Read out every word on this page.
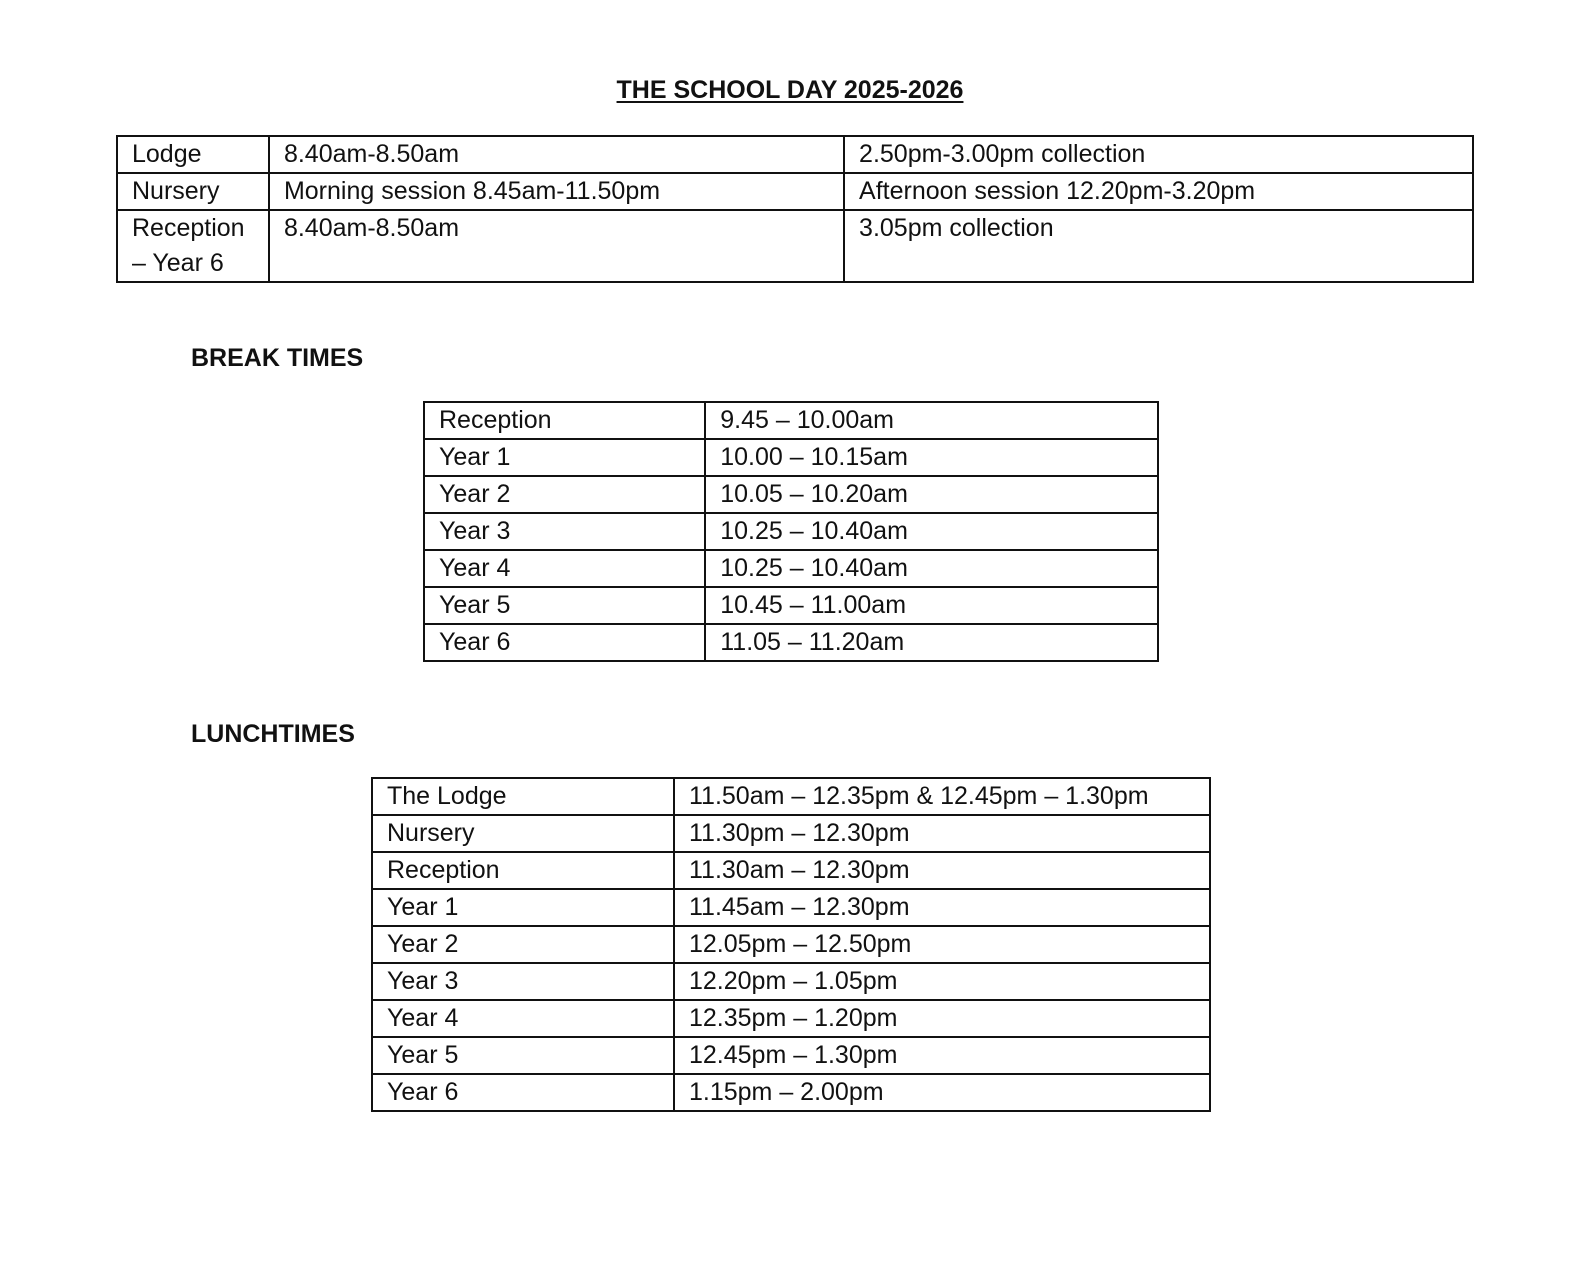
THE SCHOOL DAY 2025-2026
Lodge	8.40am-8.50am	2.50pm-3.00pm collection
Nursery	Morning session 8.45am-11.50pm	Afternoon session 12.20pm-3.20pm
Reception – Year 6	8.40am-8.50am	3.05pm collection
BREAK TIMES
Reception	9.45 – 10.00am
Year 1	10.00 – 10.15am
Year 2	10.05 – 10.20am
Year 3	10.25 – 10.40am
Year 4	10.25 – 10.40am
Year 5	10.45 – 11.00am
Year 6	11.05 – 11.20am
LUNCHTIMES
The Lodge	11.50am – 12.35pm & 12.45pm – 1.30pm
Nursery	11.30pm – 12.30pm
Reception	11.30am – 12.30pm
Year 1	11.45am – 12.30pm
Year 2	12.05pm – 12.50pm
Year 3	12.20pm – 1.05pm
Year 4	12.35pm – 1.20pm
Year 5	12.45pm – 1.30pm
Year 6	1.15pm – 2.00pm
